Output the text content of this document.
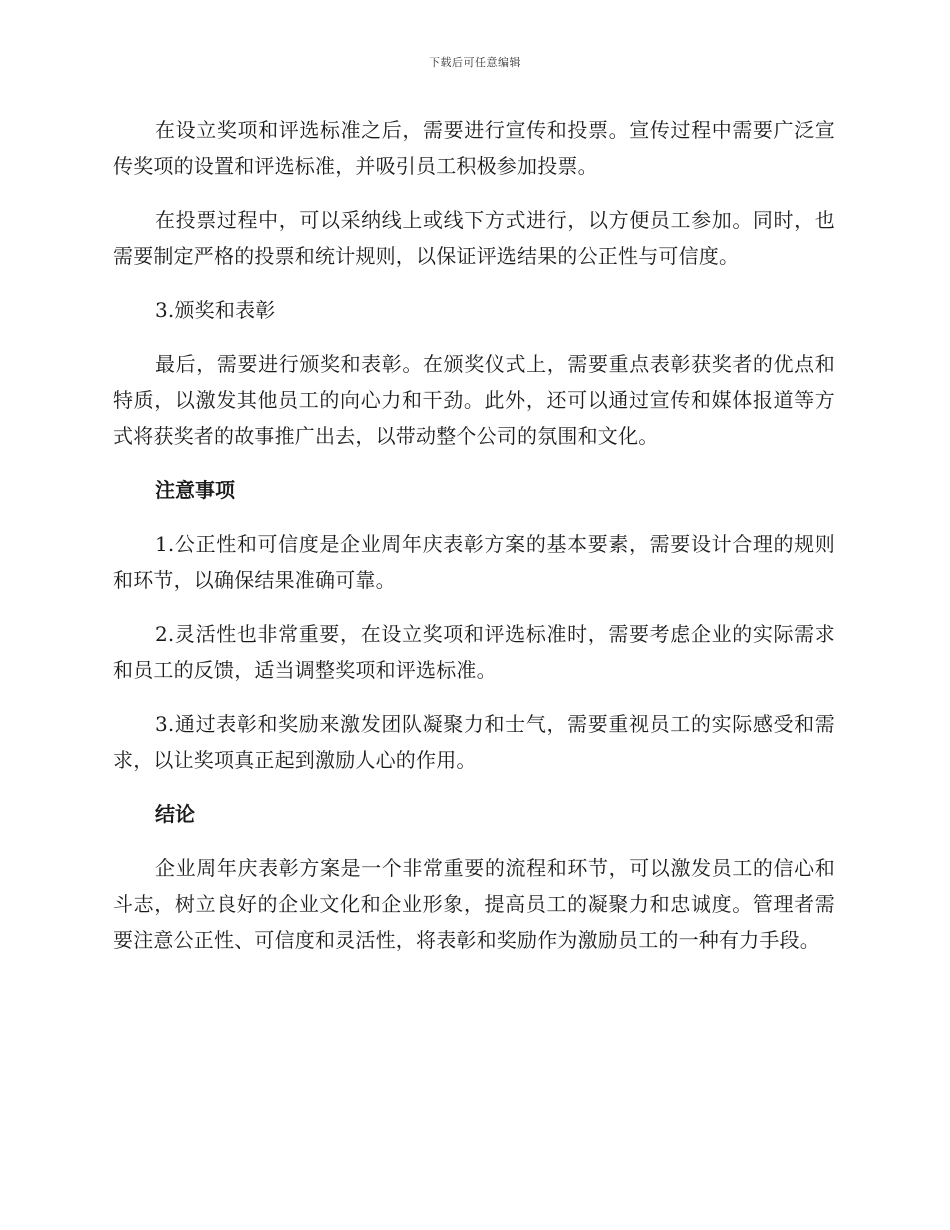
下载后可任意编辑

在设立奖项和评选标准之后，需要进行宣传和投票。宣传过程中需要广泛宣传奖项的设置和评选标准，并吸引员工积极参加投票。

在投票过程中，可以采纳线上或线下方式进行，以方便员工参加。同时，也需要制定严格的投票和统计规则，以保证评选结果的公正性与可信度。

3.颁奖和表彰

最后，需要进行颁奖和表彰。在颁奖仪式上，需要重点表彰获奖者的优点和特质，以激发其他员工的向心力和干劲。此外，还可以通过宣传和媒体报道等方式将获奖者的故事推广出去，以带动整个公司的氛围和文化。

注意事项

1.公正性和可信度是企业周年庆表彰方案的基本要素，需要设计合理的规则和环节，以确保结果准确可靠。

2.灵活性也非常重要，在设立奖项和评选标准时，需要考虑企业的实际需求和员工的反馈，适当调整奖项和评选标准。

3.通过表彰和奖励来激发团队凝聚力和士气，需要重视员工的实际感受和需求，以让奖项真正起到激励人心的作用。

结论

企业周年庆表彰方案是一个非常重要的流程和环节，可以激发员工的信心和斗志，树立良好的企业文化和企业形象，提高员工的凝聚力和忠诚度。管理者需要注意公正性、可信度和灵活性，将表彰和奖励作为激励员工的一种有力手段。
